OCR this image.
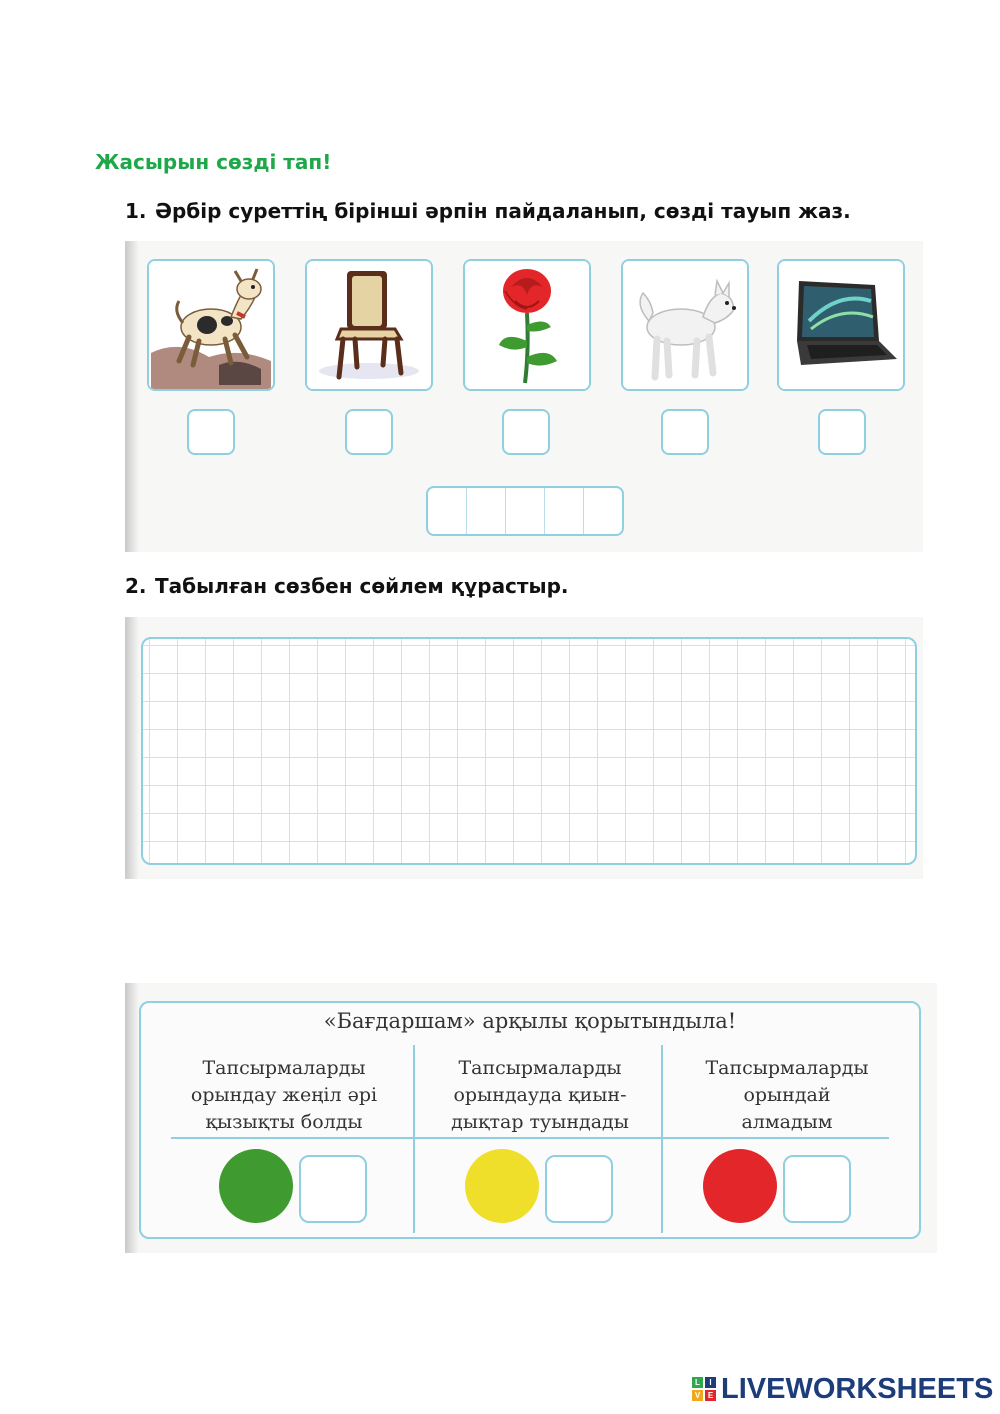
Жасырын сөзді тап!
1. Әрбір суреттің бірінші әрпін пайдаланып, сөзді тауып жаз.
2. Табылған сөзбен сөйлем құрастыр.
«Бағдаршам» арқылы қорытындыла!
Тапсырмаларды
орындау жеңіл әрі
қызықты болды
Тапсырмаларды
орындауда қиын-
дықтар туындады
Тапсырмаларды
орындай
алмадым
L	I
V E LIVEWORKSHEETS
